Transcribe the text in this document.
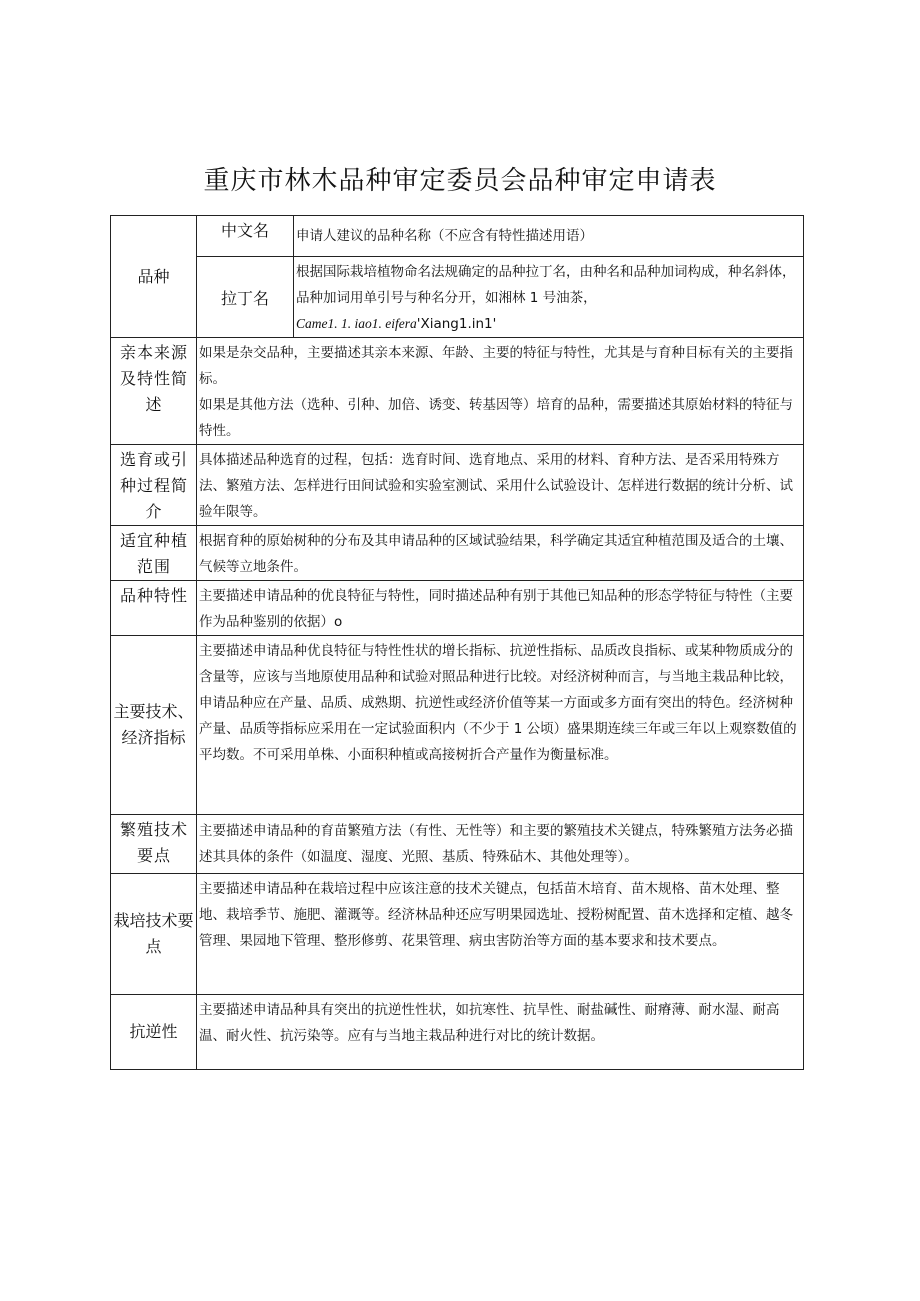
重庆市林木品种审定委员会品种审定申请表
品种	中文名	申请人建议的品种名称（不应含有特性描述用语）
	拉丁名	根据国际栽培植物命名法规确定的品种拉丁名，由种名和品种加词构成，种名斜体，品种加词用单引号与种名分开，如湘林 1 号油茶，

Came1. 1. iao1. eifera'Xiang1.in1'

亲本来源及特性简述	如果是杂交品种，主要描述其亲本来源、年龄、主要的特征与特性，尤其是与育种目标有关的主要指标。

如果是其他方法（选种、引种、加倍、诱变、转基因等）培育的品种，需要描述其原始材料的特征与特性。	

选育或引种过程简介	具体描述品种选育的过程，包括：选育时间、选育地点、采用的材料、育种方法、是否采用特殊方法、繁殖方法、怎样进行田间试验和实验室测试、采用什么试验设计、怎样进行数据的统计分析、试验年限等。	

适宜种植范围	根据育种的原始树种的分布及其申请品种的区域试验结果，科学确定其适宜种植范围及适合的土壤、气候等立地条件。	

品种特性	主要描述申请品种的优良特征与特性，同时描述品种有别于其他已知品种的形态学特征与特性（主要作为品种鉴别的依据）o	

主要技术、经济指标	主要描述申请品种优良特征与特性性状的增长指标、抗逆性指标、品质改良指标、或某种物质成分的含量等，应该与当地原使用品种和试验对照品种进行比较。对经济树种而言，与当地主栽品种比较，申请品种应在产量、品质、成熟期、抗逆性或经济价值等某一方面或多方面有突出的特色。经济树种产量、品质等指标应采用在一定试验面积内（不少于 1 公顷）盛果期连续三年或三年以上观察数值的平均数。不可采用单株、小面积种植或高接树折合产量作为衡量标准。	

繁殖技术要点	主要描述申请品种的育苗繁殖方法（有性、无性等）和主要的繁殖技术关键点，特殊繁殖方法务必描述其具体的条件（如温度、湿度、光照、基质、特殊砧木、其他处理等）。	

栽培技术要点	主要描述申请品种在栽培过程中应该注意的技术关键点，包括苗木培育、苗木规格、苗木处理、整地、栽培季节、施肥、灌溉等。经济林品种还应写明果园选址、授粉树配置、苗木选择和定植、越冬管理、果园地下管理、整形修剪、花果管理、病虫害防治等方面的基本要求和技术要点。	

抗逆性	主要描述申请品种具有突出的抗逆性性状，如抗寒性、抗旱性、耐盐碱性、耐瘠薄、耐水湿、耐高温、耐火性、抗污染等。应有与当地主栽品种进行对比的统计数据。	
